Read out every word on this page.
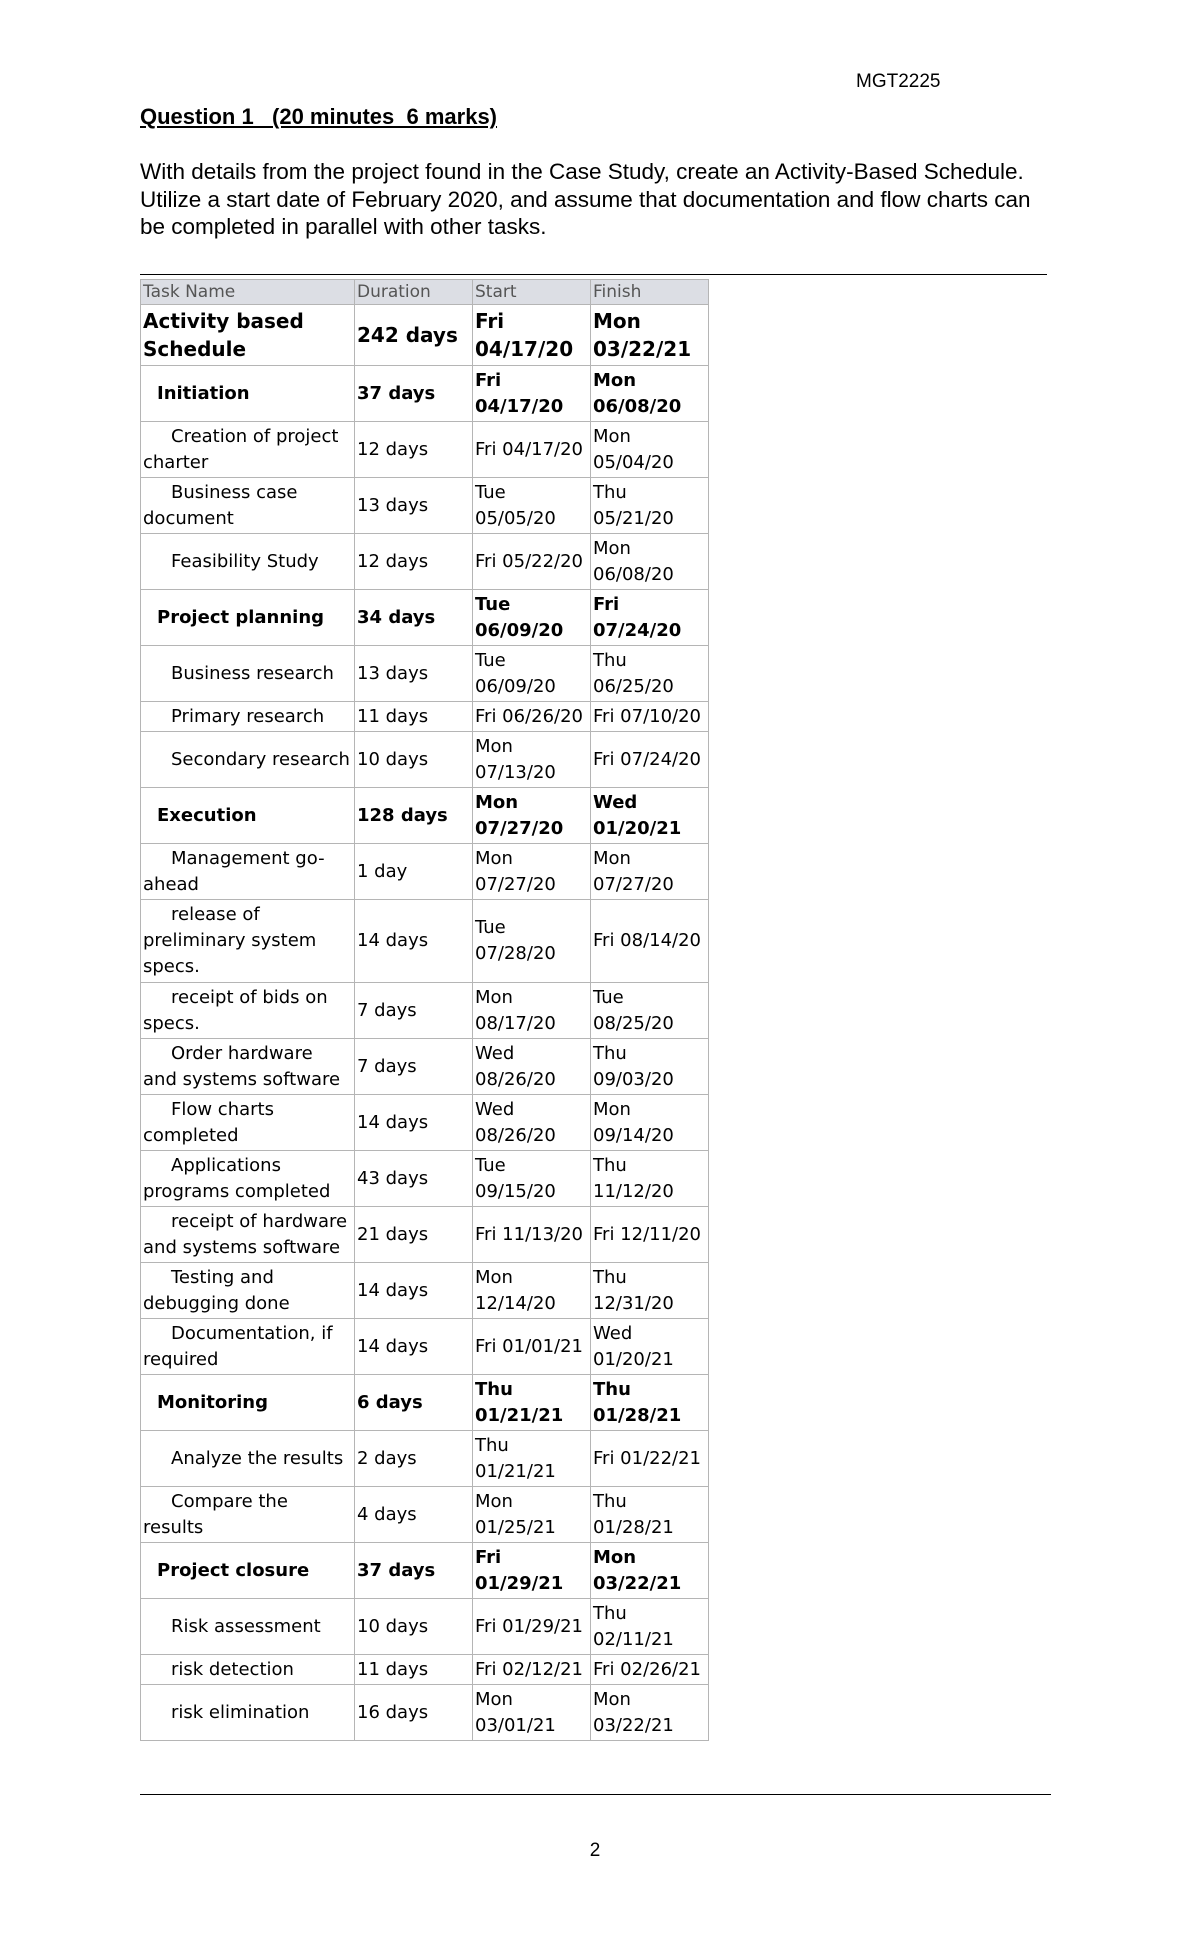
MGT2225
Question 1   (20 minutes  6 marks)
With details from the project found in the Case Study, create an Activity-Based Schedule. Utilize a start date of February 2020, and assume that documentation and flow charts can be completed in parallel with other tasks.
Task Name	Duration	Start	Finish
Activity based Schedule	242 days	Fri 04/17/20	Mon 03/22/21
Initiation	37 days	Fri 04/17/20	Mon 06/08/20
Creation of project charter	12 days	Fri 04/17/20	Mon 05/04/20
Business case document	13 days	Tue 05/05/20	Thu 05/21/20
Feasibility Study	12 days	Fri 05/22/20	Mon 06/08/20
Project planning	34 days	Tue 06/09/20	Fri 07/24/20
Business research	13 days	Tue 06/09/20	Thu 06/25/20
Primary research	11 days	Fri 06/26/20	Fri 07/10/20
Secondary research	10 days	Mon 07/13/20	Fri 07/24/20
Execution	128 days	Mon 07/27/20	Wed 01/20/21
Management go-ahead	1 day	Mon 07/27/20	Mon 07/27/20
release of preliminary system specs.	14 days	Tue 07/28/20	Fri 08/14/20
receipt of bids on specs.	7 days	Mon 08/17/20	Tue 08/25/20
Order hardware and systems software	7 days	Wed 08/26/20	Thu 09/03/20
Flow charts completed	14 days	Wed 08/26/20	Mon 09/14/20
Applications programs completed	43 days	Tue 09/15/20	Thu 11/12/20
receipt of hardware and systems software	21 days	Fri 11/13/20	Fri 12/11/20
Testing and debugging done	14 days	Mon 12/14/20	Thu 12/31/20
Documentation, if required	14 days	Fri 01/01/21	Wed 01/20/21
Monitoring	6 days	Thu 01/21/21	Thu 01/28/21
Analyze the results	2 days	Thu 01/21/21	Fri 01/22/21
Compare the results	4 days	Mon 01/25/21	Thu 01/28/21
Project closure	37 days	Fri 01/29/21	Mon 03/22/21
Risk assessment	10 days	Fri 01/29/21	Thu 02/11/21
risk detection	11 days	Fri 02/12/21	Fri 02/26/21
risk elimination	16 days	Mon 03/01/21	Mon 03/22/21
2
